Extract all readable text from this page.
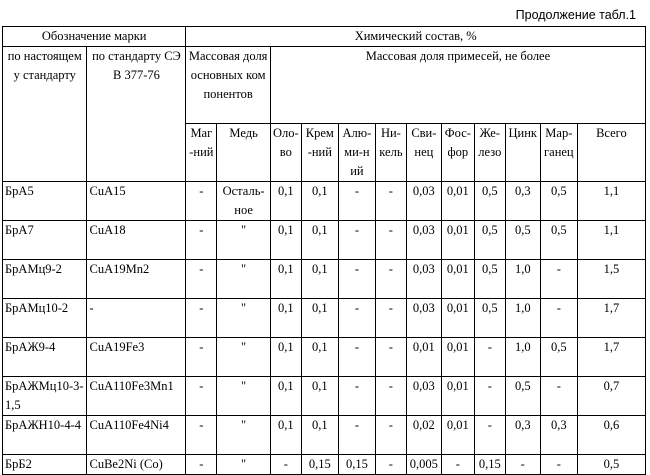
Продолжение табл.1
Обозначение марки		Химический состав, %											
по настоящему стандарту	по стандарту СЭВ 377-76	Массовая доля основных компонентов		Массовая доля примесей, не более									
		Маг-ний	Медь	Оло-во	Крем-ний	Алю-ми-ний	Ни-кель	Сви-нец	Фос-фор	Же-лезо	Цинк	Мар-ганец	Всего
БрА5	CuA15	-	Осталь-ное	0,1	0,1	-	-	0,03	0,01	0,5	0,3	0,5	1,1
БрА7	CuA18	-	"	0,1	0,1	-	-	0,03	0,01	0,5	0,5	0,5	1,1
БрАМц9-2	CuA19Mn2	-	"	0,1	0,1	-	-	0,03	0,01	0,5	1,0	-	1,5
БрАМц10-2	-	-	"	0,1	0,1	-	-	0,03	0,01	0,5	1,0	-	1,7
БрАЖ9-4	CuA19Fe3	-	"	0,1	0,1	-	-	0,01	0,01	-	1,0	0,5	1,7
БрАЖМц10-3-1,5	CuA110Fe3Mn1	-	"	0,1	0,1	-	-	0,03	0,01	-	0,5	-	0,7
БрАЖН10-4-4	CuA110Fe4Ni4	-	"	0,1	0,1	-	-	0,02	0,01	-	0,3	0,3	0,6
БрБ2	CuBe2Ni (Co)	-	"	-	0,15	0,15	-	0,005	-	0,15	-	-	0,5
